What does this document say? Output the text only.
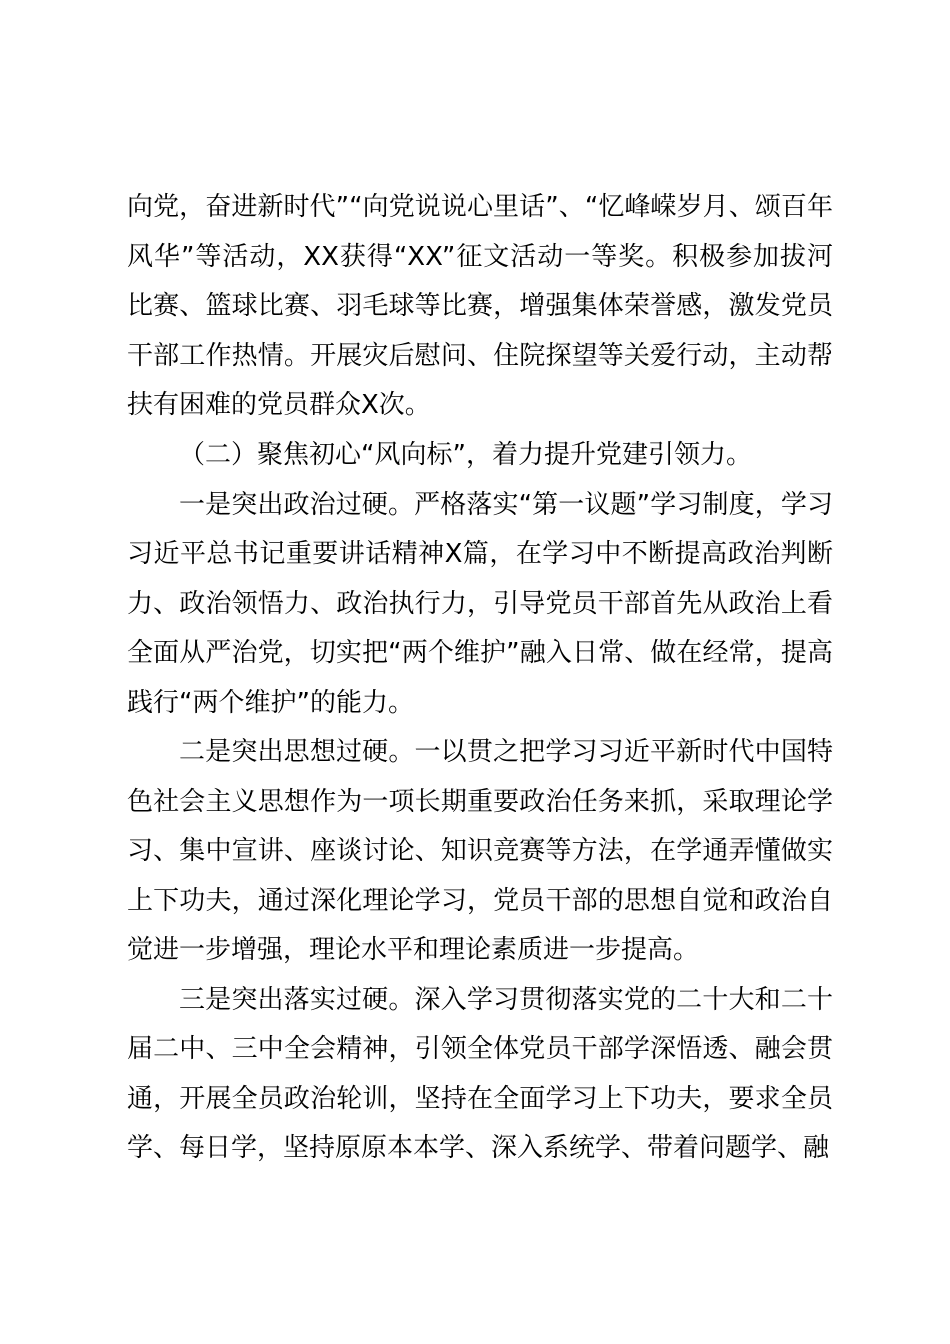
向党，奋进新时代”“向党说说心里话”、“忆峰嵘岁月、颂百年风华”等活动，XX获得“XX”征文活动一等奖。积极参加拔河比赛、篮球比赛、羽毛球等比赛，增强集体荣誉感，激发党员干部工作热情。开展灾后慰问、住院探望等关爱行动，主动帮扶有困难的党员群众X次。

（二）聚焦初心“风向标”，着力提升党建引领力。

一是突出政治过硬。严格落实“第一议题”学习制度，学习习近平总书记重要讲话精神X篇，在学习中不断提高政治判断力、政治领悟力、政治执行力，引导党员干部首先从政治上看全面从严治党，切实把“两个维护”融入日常、做在经常，提高践行“两个维护”的能力。

二是突出思想过硬。一以贯之把学习习近平新时代中国特色社会主义思想作为一项长期重要政治任务来抓，采取理论学习、集中宣讲、座谈讨论、知识竞赛等方法，在学通弄懂做实上下功夫，通过深化理论学习，党员干部的思想自觉和政治自觉进一步增强，理论水平和理论素质进一步提高。

三是突出落实过硬。深入学习贯彻落实党的二十大和二十届二中、三中全会精神，引领全体党员干部学深悟透、融会贯通，开展全员政治轮训，坚持在全面学习上下功夫，要求全员学、每日学，坚持原原本本学、深入系统学、带着问题学、融
